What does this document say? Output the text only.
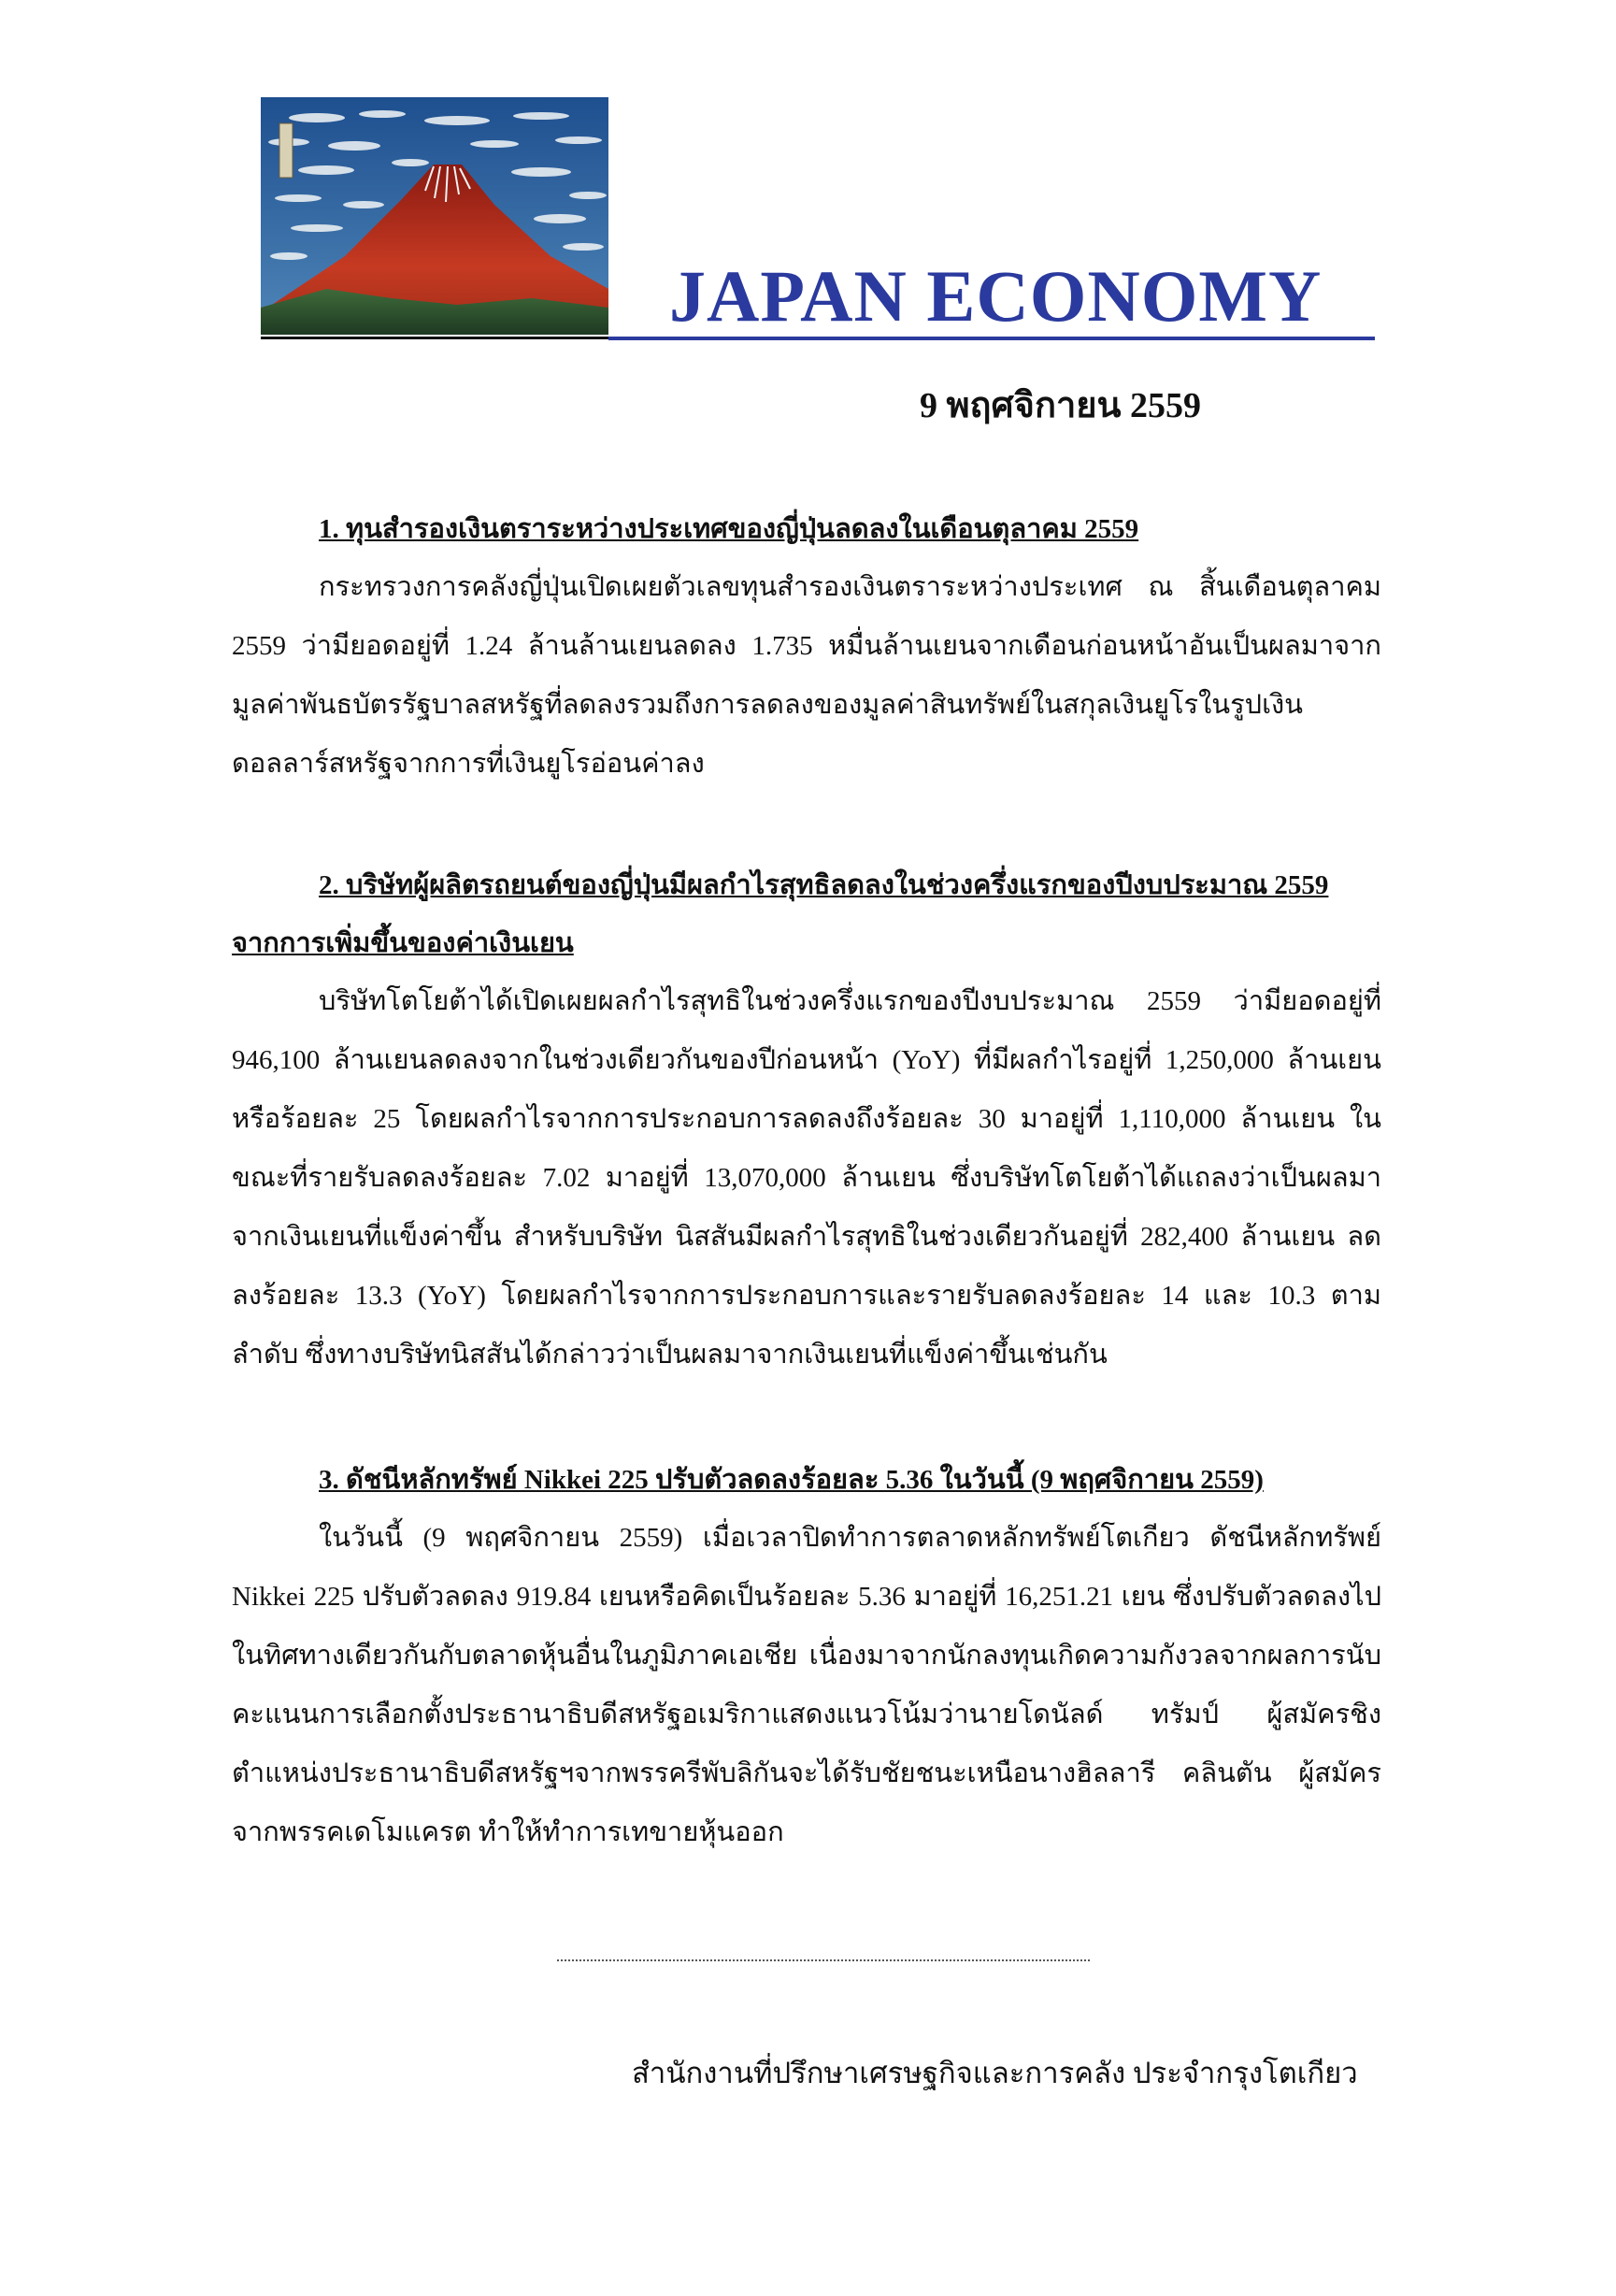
JAPAN ECONOMY
9 พฤศจิกายน 2559

1. ทุนสำรองเงินตราระหว่างประเทศของญี่ปุ่นลดลงในเดือนตุลาคม 2559

กระทรวงการคลังญี่ปุ่นเปิดเผยตัวเลขทุนสำรองเงินตราระหว่างประเทศ ณ สิ้นเดือนตุลาคม 2559 ว่ามียอดอยู่ที่ 1.24 ล้านล้านเยนลดลง 1.735 หมื่นล้านเยนจากเดือนก่อนหน้าอันเป็นผลมาจากมูลค่าพันธบัตรรัฐบาลสหรัฐที่ลดลงรวมถึงการลดลงของมูลค่าสินทรัพย์ในสกุลเงินยูโรในรูปเงินดอลลาร์สหรัฐจากการที่เงินยูโรอ่อนค่าลง

2. บริษัทผู้ผลิตรถยนต์ของญี่ปุ่นมีผลกำไรสุทธิลดลงในช่วงครึ่งแรกของปีงบประมาณ 2559 จากการเพิ่มขึ้นของค่าเงินเยน

บริษัทโตโยต้าได้เปิดเผยผลกำไรสุทธิในช่วงครึ่งแรกของปีงบประมาณ 2559 ว่ามียอดอยู่ที่ 946,100 ล้านเยนลดลงจากในช่วงเดียวกันของปีก่อนหน้า (YoY) ที่มีผลกำไรอยู่ที่ 1,250,000 ล้านเยน หรือร้อยละ 25 โดยผลกำไรจากการประกอบการลดลงถึงร้อยละ 30 มาอยู่ที่ 1,110,000 ล้านเยน ในขณะที่รายรับลดลงร้อยละ 7.02 มาอยู่ที่ 13,070,000 ล้านเยน ซึ่งบริษัทโตโยต้าได้แถลงว่าเป็นผลมาจากเงินเยนที่แข็งค่าขึ้น สำหรับบริษัท นิสสันมีผลกำไรสุทธิในช่วงเดียวกันอยู่ที่ 282,400 ล้านเยน ลดลงร้อยละ 13.3 (YoY) โดยผลกำไรจากการประกอบการและรายรับลดลงร้อยละ 14 และ 10.3 ตามลำดับ ซึ่งทางบริษัทนิสสันได้กล่าวว่าเป็นผลมาจากเงินเยนที่แข็งค่าขึ้นเช่นกัน

3. ดัชนีหลักทรัพย์ Nikkei 225 ปรับตัวลดลงร้อยละ 5.36 ในวันนี้ (9 พฤศจิกายน 2559)

ในวันนี้ (9 พฤศจิกายน 2559) เมื่อเวลาปิดทำการตลาดหลักทรัพย์โตเกียว ดัชนีหลักทรัพย์ Nikkei 225 ปรับตัวลดลง 919.84 เยนหรือคิดเป็นร้อยละ 5.36 มาอยู่ที่ 16,251.21 เยน ซึ่งปรับตัวลดลงไปในทิศทางเดียวกันกับตลาดหุ้นอื่นในภูมิภาคเอเชีย เนื่องมาจากนักลงทุนเกิดความกังวลจากผลการนับคะแนนการเลือกตั้งประธานาธิบดีสหรัฐอเมริกาแสดงแนวโน้มว่านายโดนัลด์ ทรัมป์ ผู้สมัครชิงตำแหน่งประธานาธิบดีสหรัฐฯจากพรรครีพับลิกันจะได้รับชัยชนะเหนือนางฮิลลารี คลินตัน ผู้สมัครจากพรรคเดโมแครต ทำให้ทำการเทขายหุ้นออก

สำนักงานที่ปรึกษาเศรษฐกิจและการคลัง ประจำกรุงโตเกียว
